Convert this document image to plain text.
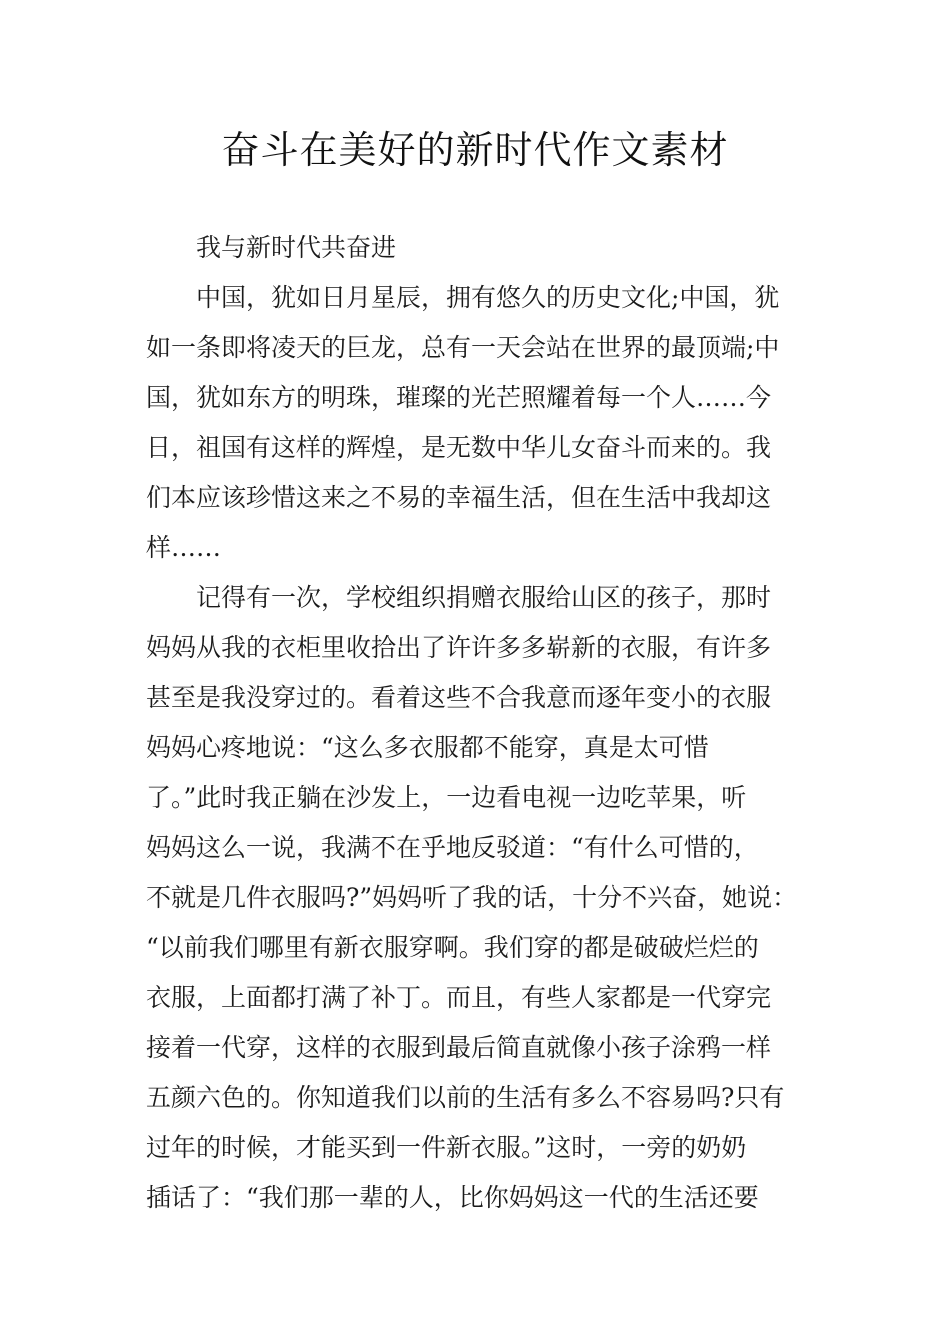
奋斗在美好的新时代作文素材

我与新时代共奋进

中国，犹如日月星辰，拥有悠久的历史文化;中国，犹

如一条即将凌天的巨龙，总有一天会站在世界的最顶端;中

国，犹如东方的明珠，璀璨的光芒照耀着每一个人……今

日，祖国有这样的辉煌，是无数中华儿女奋斗而来的。我

们本应该珍惜这来之不易的幸福生活，但在生活中我却这

样……

记得有一次，学校组织捐赠衣服给山区的孩子，那时

妈妈从我的衣柜里收拾出了许许多多崭新的衣服，有许多

甚至是我没穿过的。看着这些不合我意而逐年变小的衣服

妈妈心疼地说：“这么多衣服都不能穿，真是太可惜

了。”此时我正躺在沙发上，一边看电视一边吃苹果，听

妈妈这么一说，我满不在乎地反驳道：“有什么可惜的，

不就是几件衣服吗?”妈妈听了我的话，十分不兴奋，她说：

“以前我们哪里有新衣服穿啊。我们穿的都是破破烂烂的

衣服，上面都打满了补丁。而且，有些人家都是一代穿完

接着一代穿，这样的衣服到最后简直就像小孩子涂鸦一样

五颜六色的。你知道我们以前的生活有多么不容易吗?只有

过年的时候，才能买到一件新衣服。”这时，一旁的奶奶

插话了：“我们那一辈的人，比你妈妈这一代的生活还要
